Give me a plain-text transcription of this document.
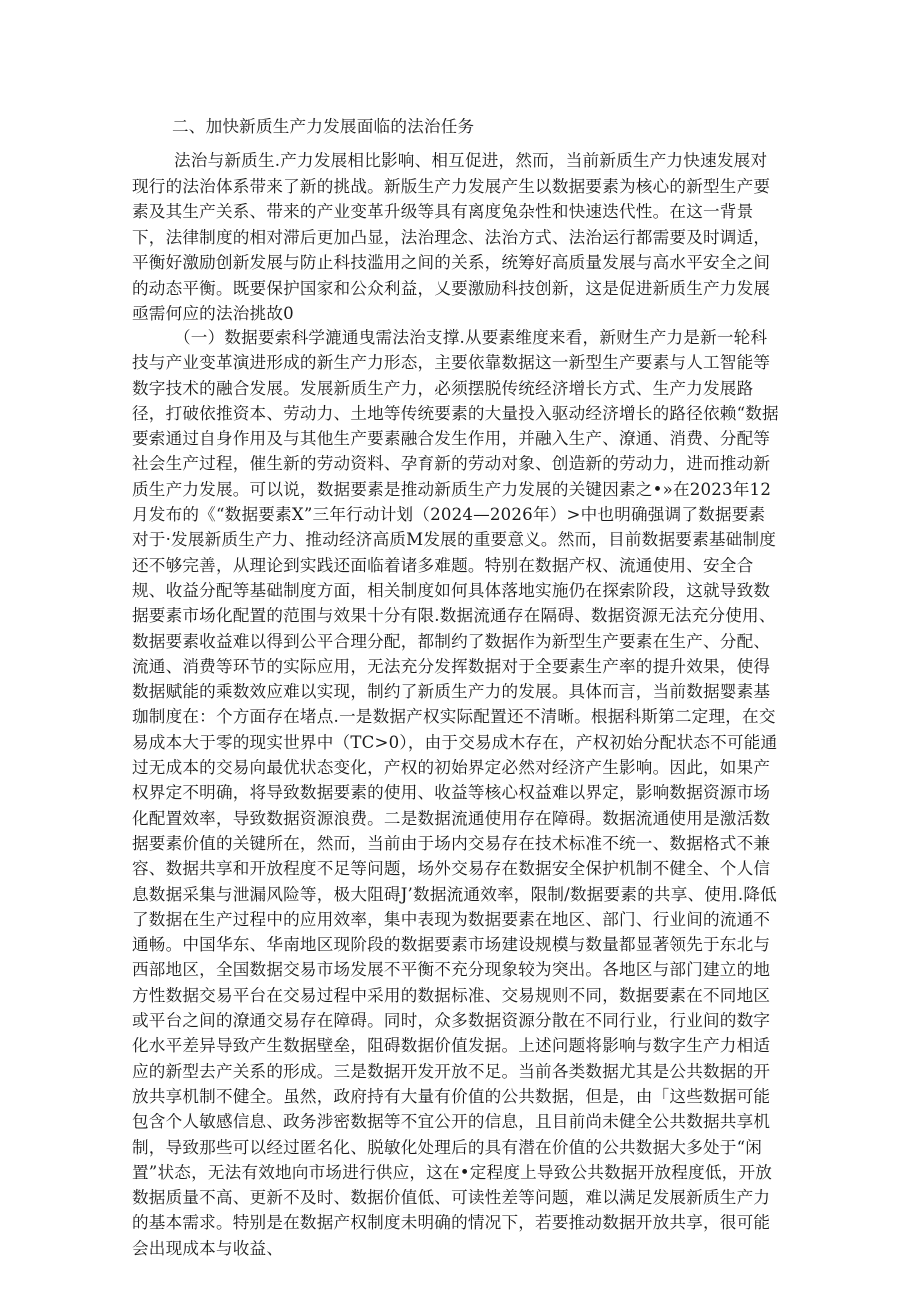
二、加快新质生产力发展面临的法治任务

法治与新质生.产力发展相比影响、相互促进，然而，当前新质生产力快速发展对现行的法治体系带来了新的挑战。新版生产力发展产生以数据要素为核心的新型生产要素及其生产关系、带来的产业变革升级等具有离度兔杂性和快速迭代性。在这一背景下，法律制度的相对滞后更加凸显，法治理念、法治方式、法治运行都需要及时调适，平衡好激励创新发展与防止科技滥用之间的关系，统筹好高质量发展与高水平安全之间的动态平衡。既要保护国家和公众利益，乂要激励科技创新，这是促进新质生产力发展亟需何应的法治挑故0

（一）数据要索科学漉通曳需法治支撑.从要素维度来看，新财生产力是新一轮科技与产业变革演进形成的新生产力形态，主要依靠数据这一新型生产要素与人工智能等数字技术的融合发展。发展新质生产力，必须摆脱传统经济增长方式、生产力发展路径，打破依推资本、劳动力、土地等传统要素的大量投入驱动经济增长的路径依赖“数据要索通过自身作用及与其他生产要素融合发生作用，并融入生产、潦通、消费、分配等社会生产过程，催生新的劳动资料、孕育新的劳动对象、创造新的劳动力，进而推动新质生产力发展。可以说，数据要素是推动新质生产力发展的关键因素之•»在2023年12月发布的《“数据要素X”三年行动计划（2024—2026年）>中也明确强调了数据要素对于·发展新质生产力、推动经济高质M发展的重要意义。然而，目前数据要素基础制度还不够完善，从理论到实践还面临着诸多难题。特别在数据产权、流通使用、安全合规、收益分配等基础制度方面，相关制度如何具体落地实施仍在探索阶段，这就导致数据要素市场化配置的范围与效果十分有限.数据流通存在隔碍、数据资源无法充分使用、数据要素收益难以得到公平合理分配，都制约了数据作为新型生产要素在生产、分配、流通、消费等环节的实际应用，无法充分发挥数据对于全要素生产率的提升效果，使得数据赋能的乘数效应难以实现，制约了新质生产力的发展。具体而言，当前数据婴素基珈制度在：个方面存在堵点.一是数据产权实际配置还不清晰。根据科斯第二定理，在交易成本大于零的现实世界中（TC>0），由于交易成木存在，产权初始分配状态不可能通过无成本的交易向最优状态变化，产权的初始界定必然对经济产生影响。因此，如果产权界定不明确，将导致数据要素的使用、收益等核心权益难以界定，影响数据资源市场化配置效率，导致数据资源浪费。二是数据流通使用存在障碍。数据流通使用是激活数据要素价值的关键所在，然而，当前由于场内交易存在技术标准不统一、数据格式不兼容、数据共享和开放程度不足等问题，场外交易存在数据安全保护机制不健全、个人信息数据采集与泄漏风险等，极大阻碍J’数据流通效率，限制/数据要素的共享、使用.降低了数据在生产过程中的应用效率，集中表现为数据要素在地区、部门、行业间的流通不通畅。中国华东、华南地区现阶段的数据要素市场建设规模与数量都显著领先于东北与西部地区，全国数据交易市场发展不平衡不充分现象较为突出。各地区与部门建立的地方性数据交易平台在交易过程中采用的数据标准、交易规则不同，数据要素在不同地区或平台之间的潦通交易存在障碍。同时，众多数据资源分散在不同行业，行业间的数字化水平差异导致产生数据壁垒，阻碍数据价值发据。上述问题将影响与数字生产力相适应的新型去产关系的形成。三是数据开发开放不足。当前各类数据尤其是公共数据的开放共享机制不健全。虽然，政府持有大量有价值的公共数据，但是，由「这些数据可能包含个人敏感信息、政务涉密数据等不宜公开的信息，且目前尚未健全公共数据共享机制，导致那些可以经过匿名化、脱敏化处理后的具有潜在价值的公共数据大多处于“闲置”状态，无法有效地向市场进行供应，这在•定程度上导致公共数据开放程度低，开放数据质量不高、更新不及时、数据价值低、可读性差等问题，难以满足发展新质生产力的基本需求。特别是在数据产权制度未明确的情况下，若要推动数据开放共享，很可能会出现成本与收益、
